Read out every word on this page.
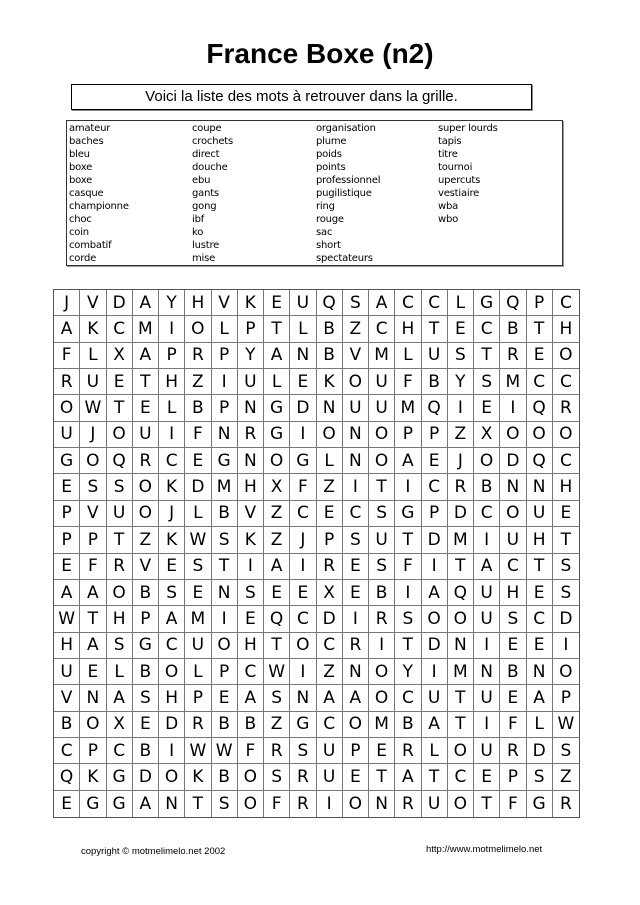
France Boxe (n2)
Voici la liste des mots à retrouver dans la grille.
amateur
baches
bleu
boxe
boxe
casque
championne
choc
coin
combatif
corde
coupe
crochets
direct
douche
ebu
gants
gong
ibf
ko
lustre
mise
organisation
plume
poids
points
professionnel
pugilistique
ring
rouge
sac
short
spectateurs
super lourds
tapis
titre
tournoi
upercuts
vestiaire
wba
wbo
J	V D A Y H V K E U Q S A C C L G Q P C
A K C M I	O L P T L B Z C H T E C B T H
F L X A P R P Y A N B V M L U S T R E O
R U E T H Z	I	U L E K O U F B Y S M C C
O W T E L B P N G D N U U M Q	I	E	I	Q R
U	J	O U	I	F N R G	I	O N O P P Z X O O O
G O Q R C E G N O G L N O A E	J	O D Q C
E S S O K D M H X F Z	I	T	I	C R B N N H
P V U O	J	L B V Z C E C S G P D C O U E
P P T Z K W S K Z	J	P S U T D M I	U H T
E F R V E S T	I	A	I	R E S F	I	T A C T S
A A O B S E N S E E X E B	I	A Q U H E S
W T H P A M I	E Q C D	I	R S O O U S C D
H A S G C U O H T O C R	I	T D N	I	E E	I
U E L B O L P C W I	Z N O Y	I M N B N O
V N A S H P E A S N A A O C U T U E A P
B O X E D R B B Z G C O M B A T	I	F L W
C P C B	I W W F R S U P E R L O U R D S
Q K G D O K B O S R U E T A T C E P S Z
E G G A N T S O F R	I	O N R U O T F G R
copyright © motmelimelo.net 2002	http://www.motmelimelo.net
